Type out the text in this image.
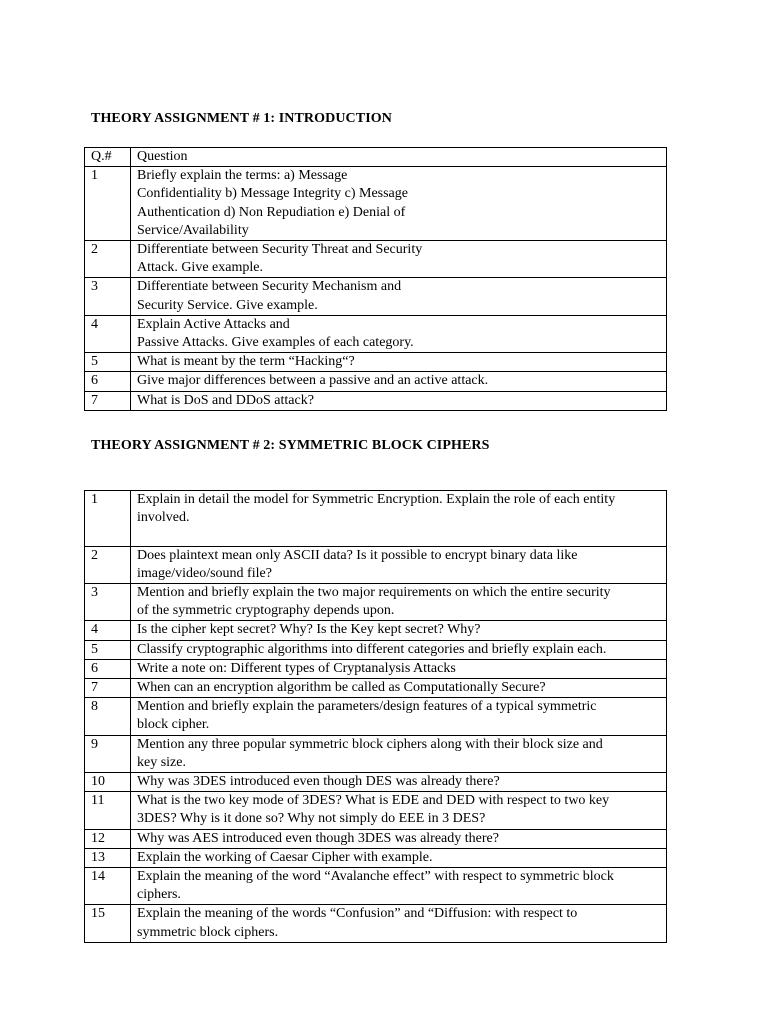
THEORY ASSIGNMENT # 1: INTRODUCTION
Q.#	Question
1	Briefly explain the terms: a) Message
Confidentiality b) Message Integrity c) Message
Authentication d) Non Repudiation e) Denial of
Service/Availability

2	Differentiate between Security Threat and Security
Attack. Give example.

3	Differentiate between Security Mechanism and
Security Service. Give example.

4	Explain Active Attacks and
Passive Attacks. Give examples of each category.

5	What is meant by the term “Hacking“?

6	Give major differences between a passive and an active attack.

7	What is DoS and DDoS attack?
THEORY ASSIGNMENT # 2: SYMMETRIC BLOCK CIPHERS
1	Explain in detail the model for Symmetric Encryption. Explain the role of each entity
involved.

2	Does plaintext mean only ASCII data? Is it possible to encrypt binary data like
image/video/sound file?

3	Mention and briefly explain the two major requirements on which the entire security
of the symmetric cryptography depends upon.

4	Is the cipher kept secret? Why? Is the Key kept secret? Why?

5	Classify cryptographic algorithms into different categories and briefly explain each.

6	Write a note on: Different types of Cryptanalysis Attacks

7	When can an encryption algorithm be called as Computationally Secure?

8	Mention and briefly explain the parameters/design features of a typical symmetric
block cipher.

9	Mention any three popular symmetric block ciphers along with their block size and
key size.

10	Why was 3DES introduced even though DES was already there?

11	What is the two key mode of 3DES? What is EDE and DED with respect to two key
3DES? Why is it done so? Why not simply do EEE in 3 DES?

12	Why was AES introduced even though 3DES was already there?

13	Explain the working of Caesar Cipher with example.

14	Explain the meaning of the word “Avalanche effect” with respect to symmetric block
ciphers.

15	Explain the meaning of the words “Confusion” and “Diffusion: with respect to
symmetric block ciphers.
